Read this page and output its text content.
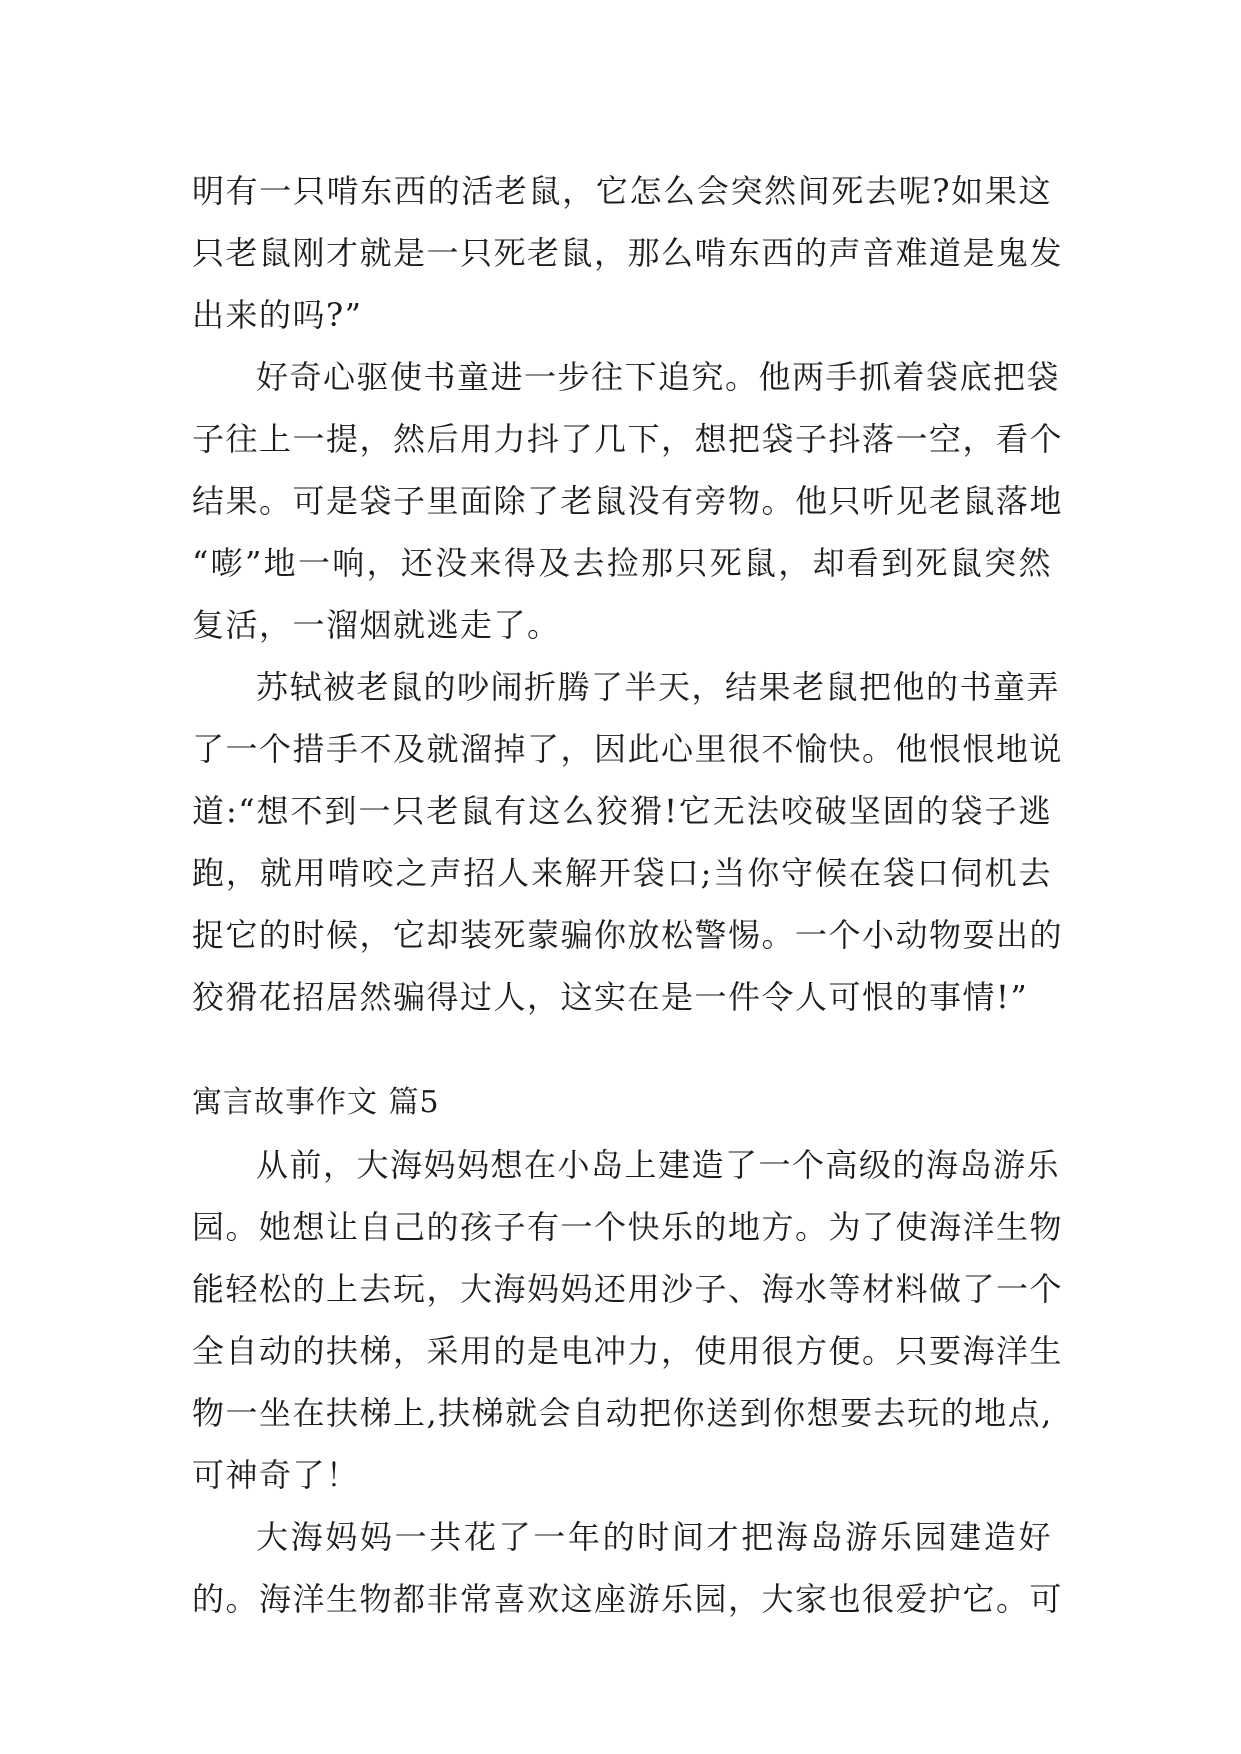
明有一只啃东西的活老鼠，它怎么会突然间死去呢?如果这
只老鼠刚才就是一只死老鼠，那么啃东西的声音难道是鬼发
出来的吗?”
好奇心驱使书童进一步往下追究。他两手抓着袋底把袋
子往上一提，然后用力抖了几下，想把袋子抖落一空，看个
结果。可是袋子里面除了老鼠没有旁物。他只听见老鼠落地
“嘭”地一响，还没来得及去捡那只死鼠，却看到死鼠突然
复活，一溜烟就逃走了。
苏轼被老鼠的吵闹折腾了半天，结果老鼠把他的书童弄
了一个措手不及就溜掉了，因此心里很不愉快。他恨恨地说
道:“想不到一只老鼠有这么狡猾!它无法咬破坚固的袋子逃
跑，就用啃咬之声招人来解开袋口;当你守候在袋口伺机去
捉它的时候，它却装死蒙骗你放松警惕。一个小动物耍出的
狡猾花招居然骗得过人，这实在是一件令人可恨的事情!”
寓言故事作文 篇5
从前，大海妈妈想在小岛上建造了一个高级的海岛游乐
园。她想让自己的孩子有一个快乐的地方。为了使海洋生物
能轻松的上去玩，大海妈妈还用沙子、海水等材料做了一个
全自动的扶梯，采用的是电冲力，使用很方便。只要海洋生
物一坐在扶梯上,扶梯就会自动把你送到你想要去玩的地点,
可神奇了！
大海妈妈一共花了一年的时间才把海岛游乐园建造好
的。海洋生物都非常喜欢这座游乐园，大家也很爱护它。可
